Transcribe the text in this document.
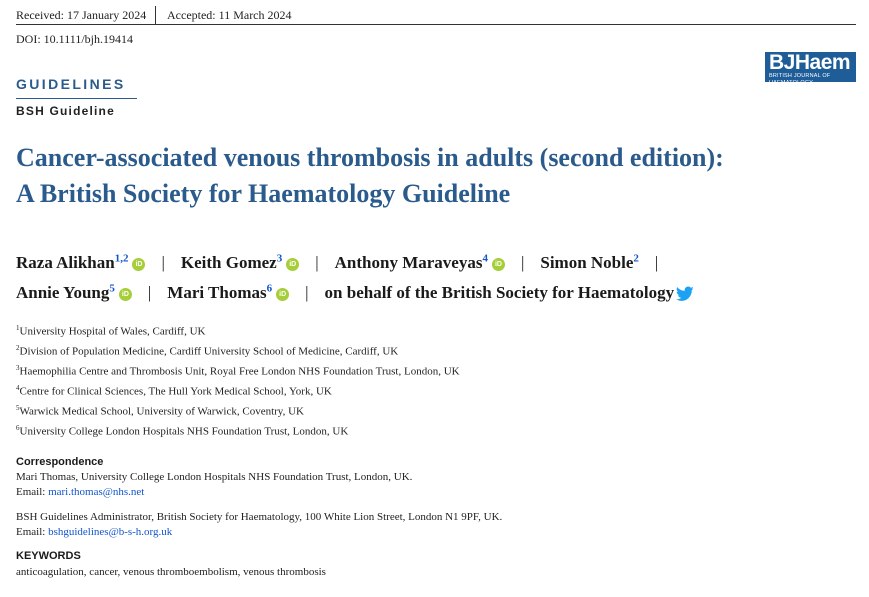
Received: 17 January 2024 Accepted: 11 March 2024
DOI: 10.1111/bjh.19414
BJHaem
BRITISH JOURNAL OF HAEMATOLOGY
GUIDELINES
BSH Guideline
Cancer-associated venous thrombosis in adults (second edition):
A British Society for Haematology Guideline
Raza Alikhan$^{1,2}$ iD | Keith Gomez$^3$ iD | Anthony Maraveyas$^4$ iD | Simon Noble$^2$ |
Annie Young$^5$ iD | Mari Thomas$^6$ iD | on behalf of the British Society for Haematology
$^1$University Hospital of Wales, Cardiff, UK
$^2$Division of Population Medicine, Cardiff University School of Medicine, Cardiff, UK
$^3$Haemophilia Centre and Thrombosis Unit, Royal Free London NHS Foundation Trust, London, UK
$^4$Centre for Clinical Sciences, The Hull York Medical School, York, UK
$^5$Warwick Medical School, University of Warwick, Coventry, UK
$^6$University College London Hospitals NHS Foundation Trust, London, UK
Correspondence
Mari Thomas, University College London Hospitals NHS Foundation Trust, London, UK.
Email: mari.thomas@nhs.net
BSH Guidelines Administrator, British Society for Haematology, 100 White Lion Street, London N1 9PF, UK.
Email: bshguidelines@b-s-h.org.uk
KEYWORDS
anticoagulation, cancer, venous thromboembolism, venous thrombosis
